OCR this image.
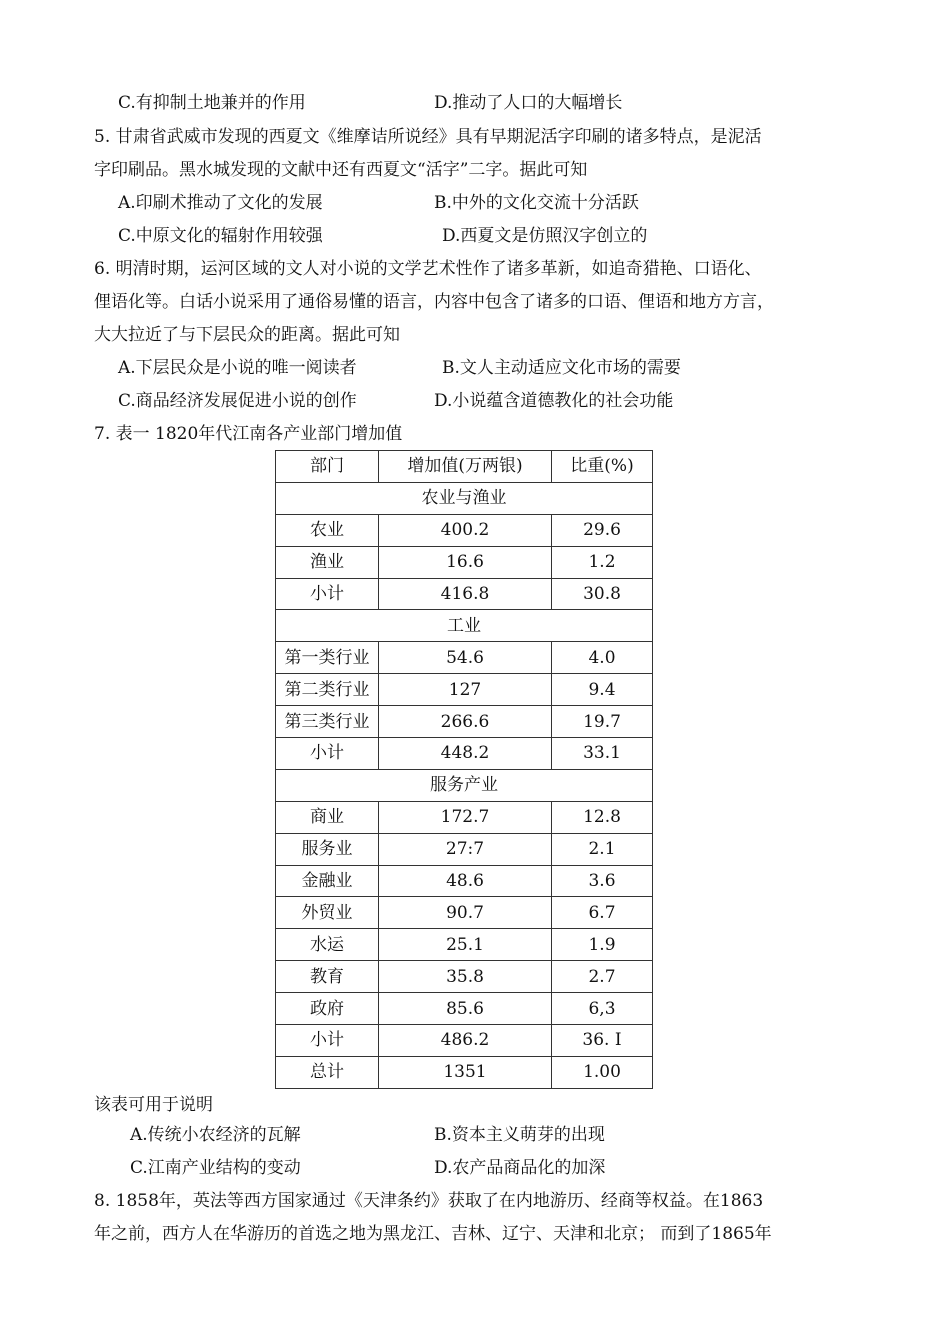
C.有抑制土地兼并的作用	D.推动了人口的大幅增长
5. 甘肃省武威市发现的西夏文《维摩诘所说经》具有早期泥活字印刷的诸多特点，是泥活
字印刷品。黑水城发现的文献中还有西夏文“活字”二字。据此可知
A.印刷术推动了文化的发展	B.中外的文化交流十分活跃
C.中原文化的辐射作用较强	D.西夏文是仿照汉字创立的
6. 明清时期，运河区域的文人对小说的文学艺术性作了诸多革新，如追奇猎艳、口语化、
俚语化等。白话小说采用了通俗易懂的语言，内容中包含了诸多的口语、俚语和地方方言，
大大拉近了与下层民众的距离。据此可知
A.下层民众是小说的唯一阅读者	B.文人主动适应文化市场的需要
C.商品经济发展促进小说的创作	D.小说蕴含道德教化的社会功能
7. 表一 1820年代江南各产业部门增加值
部门	增加值(万两银)	比重(%)
农业与渔业		
农业	400.2	29.6
渔业	16.6	1.2
小计	416.8	30.8
工业		
第一类行业	54.6	4.0
第二类行业	127	9.4
第三类行业	266.6	19.7
小计	448.2	33.1
服务产业		
商业	172.7	12.8
服务业	27:7	2.1
金融业	48.6	3.6
外贸业	90.7	6.7
水运	25.1	1.9
教育	35.8	2.7
政府	85.6	6,3
小计	486.2	36. I
总计	1351	1.00
该表可用于说明
A.传统小农经济的瓦解	B.资本主义萌芽的出现
C.江南产业结构的变动	D.农产品商品化的加深
8. 1858年，英法等西方国家通过《天津条约》获取了在内地游历、经商等权益。在1863
年之前，西方人在华游历的首选之地为黑龙江、吉林、辽宁、天津和北京； 而到了1865年
